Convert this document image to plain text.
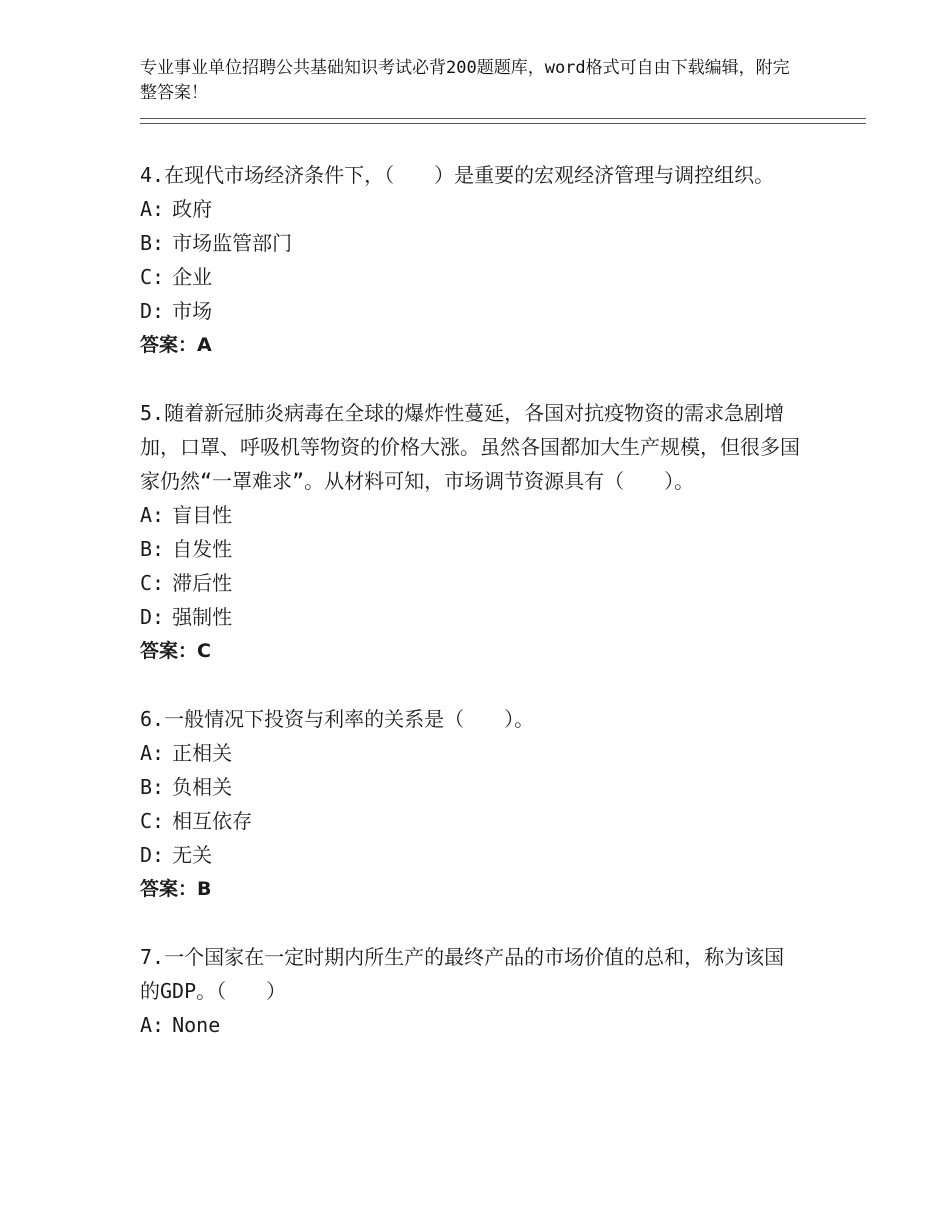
专业事业单位招聘公共基础知识考试必背200题题库，word格式可自由下载编辑，附完整答案！

4.在现代市场经济条件下，（　　）是重要的宏观经济管理与调控组织。

A: 政府

B: 市场监管部门

C: 企业

D: 市场

答案：A

5.随着新冠肺炎病毒在全球的爆炸性蔓延，各国对抗疫物资的需求急剧增加，口罩、呼吸机等物资的价格大涨。虽然各国都加大生产规模，但很多国家仍然“一罩难求”。从材料可知，市场调节资源具有（　　）。

A: 盲目性

B: 自发性

C: 滞后性

D: 强制性

答案：C

6.一般情况下投资与利率的关系是（　　）。

A: 正相关

B: 负相关

C: 相互依存

D: 无关

答案：B

7.一个国家在一定时期内所生产的最终产品的市场价值的总和，称为该国的GDP。（　　）

A: None
